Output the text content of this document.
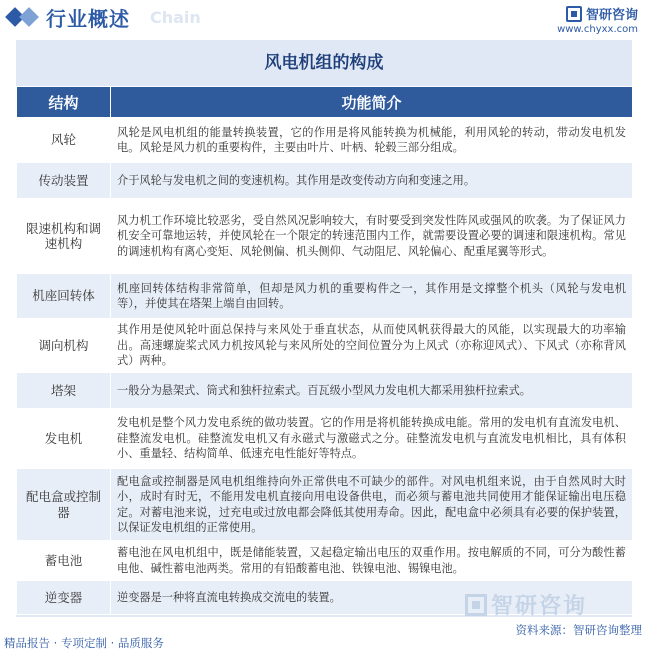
行业概述 Chain	智研咨询
www.chyxx.com
风电机组的构成
结构	功能简介
风轮	风轮是风电机组的能量转换装置，它的作用是将风能转换为机械能，利用风轮的转动，带动发电机发电。风轮是风力机的重要构件，主要由叶片、叶柄、轮毂三部分组成。
传动装置	介于风轮与发电机之间的变速机构。其作用是改变传动方向和变速之用。
限速机构和调速机构	风力机工作环境比较恶劣，受自然风况影响较大，有时要受到突发性阵风或强风的吹袭。为了保证风力机安全可靠地运转，并使风轮在一个限定的转速范围内工作，就需要设置必要的调速和限速机构。常见的调速机构有离心变矩、风轮侧偏、机头侧仰、气动阻尼、风轮偏心、配重尾翼等形式。
机座回转体	机座回转体结构非常简单，但却是风力机的重要构件之一，其作用是文撑整个机头（风轮与发电机等），并使其在塔架上端自由回转。
调向机构	其作用是使风轮叶面总保持与来风处于垂直状态，从而使风帆获得最大的风能，以实现最大的功率输出。高速螺旋桨式风力机按风轮与来风所处的空间位置分为上风式（亦称迎风式）、下风式（亦称背风式）两种。
塔架	一般分为悬架式、筒式和独杆拉索式。百瓦级小型风力发电机大都采用独杆拉索式。
发电机	发电机是整个风力发电系统的做功装置。它的作用是将机能转换成电能。常用的发电机有直流发电机、硅整流发电机。硅整流发电机又有永磁式与激磁式之分。硅整流发电机与直流发电机相比，具有体积小、重量轻、结构简单、低速充电性能好等特点。
配电盒或控制器	配电盒或控制器是风电机组维持向外正常供电不可缺少的部件。对风电机组来说，由于自然风时大时小，成时有时无，不能用发电机直接向用电设备供电，而必须与蓄电池共同使用才能保证输出电压稳定。对蓄电池来说，过充电或过放电都会降低其使用寿命。因此，配电盒中必须具有必要的保护装置，以保证发电机组的正常使用。
蓄电池	蓄电池在风电机组中，既是储能装置，又起稳定输出电压的双重作用。按电解质的不同，可分为酸性蓄电他、碱性蓄电池两类。常用的有铅酸蓄电池、铁镍电池、锡镍电池。
逆变器	逆变器是一种将直流电转换成交流电的装置。	智研咨询
精品报告 · 专项定制 · 品质服务
资料来源：智研咨询整理
